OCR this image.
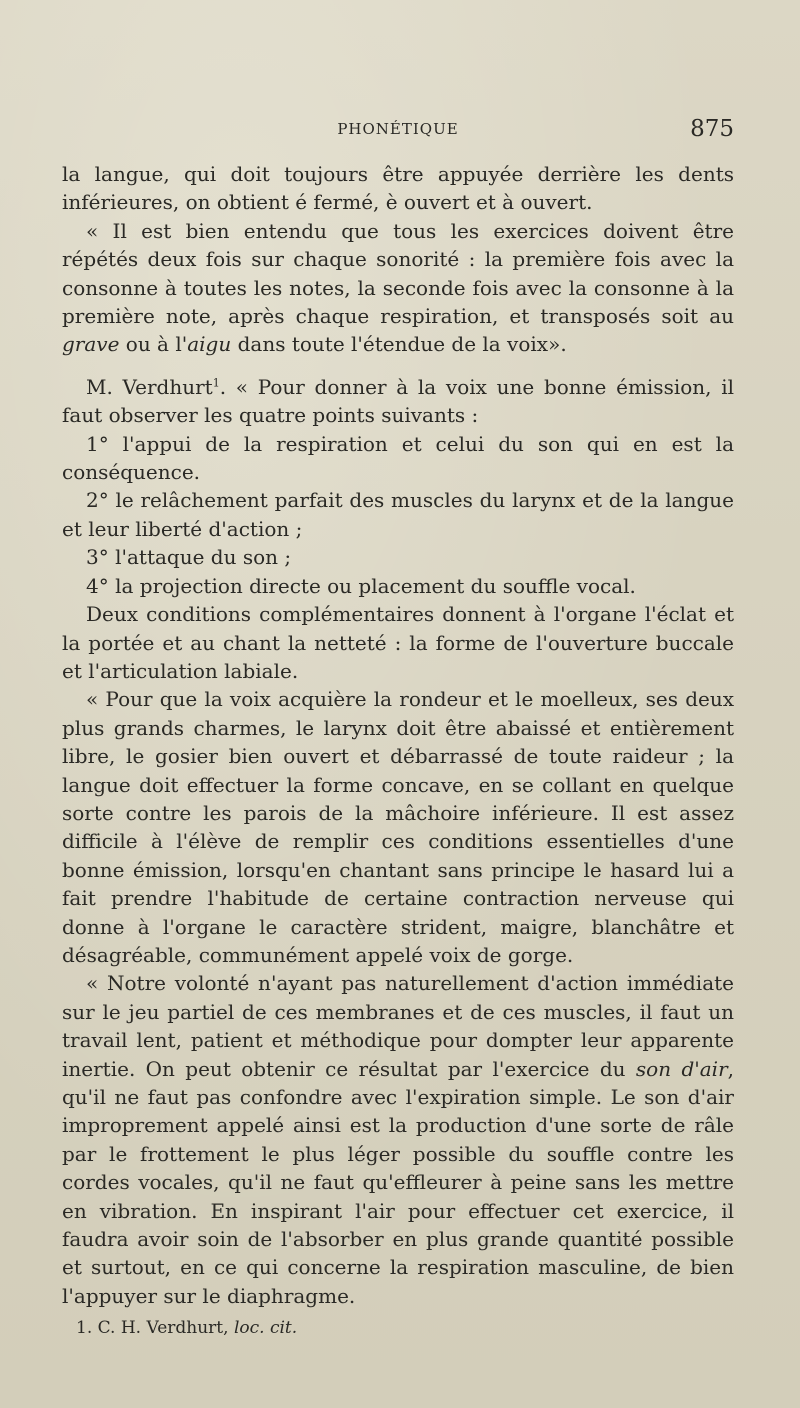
PHONÉTIQUE	875

la langue, qui doit toujours être appuyée derrière les dents inférieures, on obtient é fermé, è ouvert et à ouvert.

« Il est bien entendu que tous les exercices doivent être répétés deux fois sur chaque sonorité : la première fois avec la consonne à toutes les notes, la seconde fois avec la consonne à la première note, après chaque respiration, et transposés soit au grave ou à l'aigu dans toute l'étendue de la voix».

M. Verdhurt$^1$. « Pour donner à la voix une bonne émission, il faut observer les quatre points suivants :

1° l'appui de la respiration et celui du son qui en est la conséquence.

2° le relâchement parfait des muscles du larynx et de la langue et leur liberté d'action ;

3° l'attaque du son ;

4° la projection directe ou placement du souffle vocal.

Deux conditions complémentaires donnent à l'organe l'éclat et la portée et au chant la netteté : la forme de l'ouverture buccale et l'articulation labiale.

« Pour que la voix acquière la rondeur et le moelleux, ses deux plus grands charmes, le larynx doit être abaissé et entièrement libre, le gosier bien ouvert et débarrassé de toute raideur ; la langue doit effectuer la forme concave, en se collant en quelque sorte contre les parois de la mâchoire inférieure. Il est assez difficile à l'élève de remplir ces conditions essentielles d'une bonne émission, lorsqu'en chantant sans principe le hasard lui a fait prendre l'habitude de certaine contraction nerveuse qui donne à l'organe le caractère strident, maigre, blanchâtre et désagréable, communément appelé voix de gorge.

« Notre volonté n'ayant pas naturellement d'action immédiate sur le jeu partiel de ces membranes et de ces muscles, il faut un travail lent, patient et méthodique pour dompter leur apparente inertie. On peut obtenir ce résultat par l'exercice du son d'air, qu'il ne faut pas confondre avec l'expiration simple. Le son d'air improprement appelé ainsi est la production d'une sorte de râle par le frottement le plus léger possible du souffle contre les cordes vocales, qu'il ne faut qu'effleurer à peine sans les mettre en vibration. En inspirant l'air pour effectuer cet exercice, il faudra avoir soin de l'absorber en plus grande quantité possible et surtout, en ce qui concerne la respiration masculine, de bien l'appuyer sur le diaphragme.

1. C. H. Verdhurt, loc. cit.
